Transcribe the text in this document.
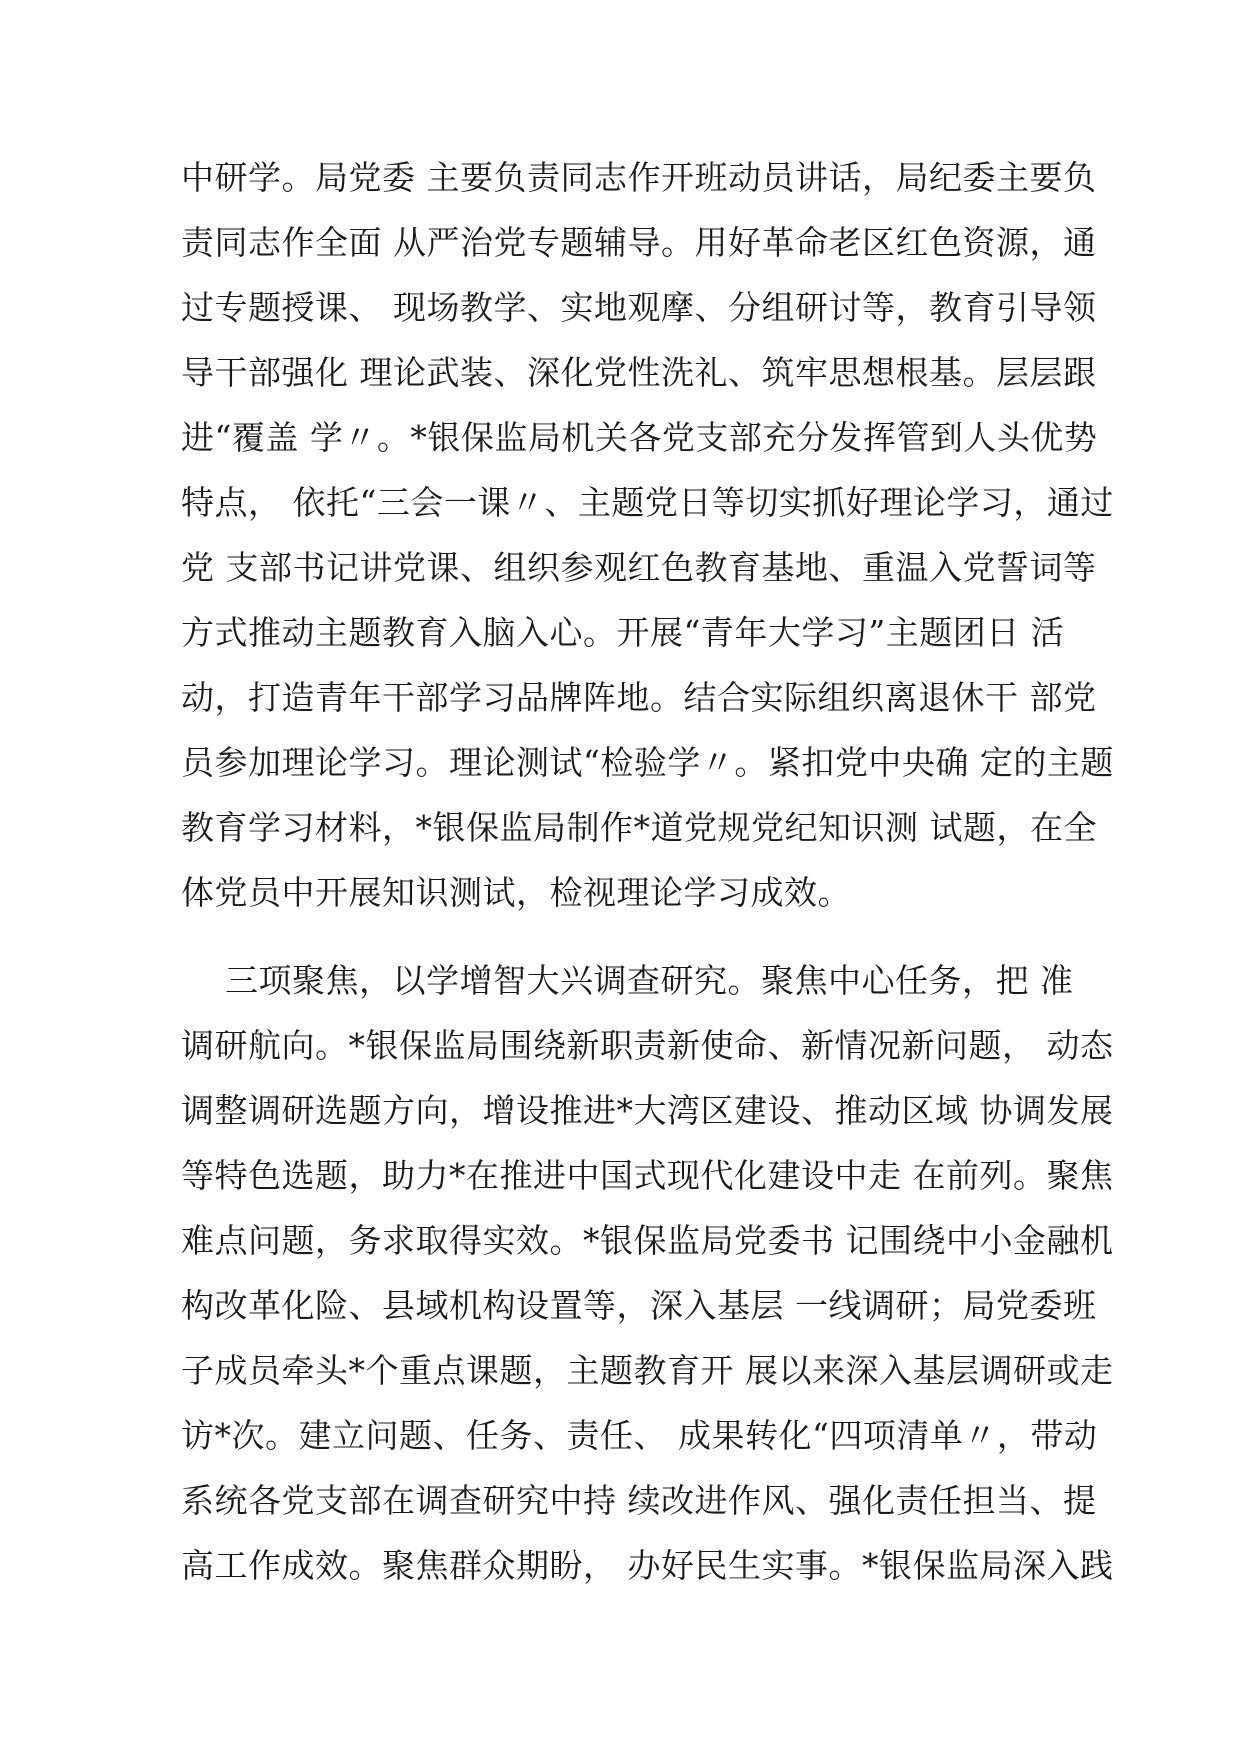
中研学。局党委 主要负责同志作开班动员讲话，局纪委主要负
责同志作全面 从严治党专题辅导。用好革命老区红色资源，通
过专题授课、 现场教学、实地观摩、分组研讨等，教育引导领
导干部强化 理论武装、深化党性洗礼、筑牢思想根基。层层跟
进“覆盖 学〃。*银保监局机关各党支部充分发挥管到人头优势
特点， 依托“三会一课〃、主题党日等切实抓好理论学习，通过
党 支部书记讲党课、组织参观红色教育基地、重温入党誓词等
方式推动主题教育入脑入心。开展“青年大学习”主题团日 活
动，打造青年干部学习品牌阵地。结合实际组织离退休干 部党
员参加理论学习。理论测试“检验学〃。紧扣党中央确 定的主题
教育学习材料，*银保监局制作*道党规党纪知识测 试题，在全
体党员中开展知识测试，检视理论学习成效。
三项聚焦，以学增智大兴调查研究。聚焦中心任务，把 准
调研航向。*银保监局围绕新职责新使命、新情况新问题， 动态
调整调研选题方向，增设推进*大湾区建设、推动区域 协调发展
等特色选题，助力*在推进中国式现代化建设中走 在前列。聚焦
难点问题，务求取得实效。*银保监局党委书 记围绕中小金融机
构改革化险、县域机构设置等，深入基层 一线调研；局党委班
子成员牵头*个重点课题，主题教育开 展以来深入基层调研或走
访*次。建立问题、任务、责任、 成果转化“四项清单〃，带动
系统各党支部在调查研究中持 续改进作风、强化责任担当、提
高工作成效。聚焦群众期盼， 办好民生实事。*银保监局深入践
